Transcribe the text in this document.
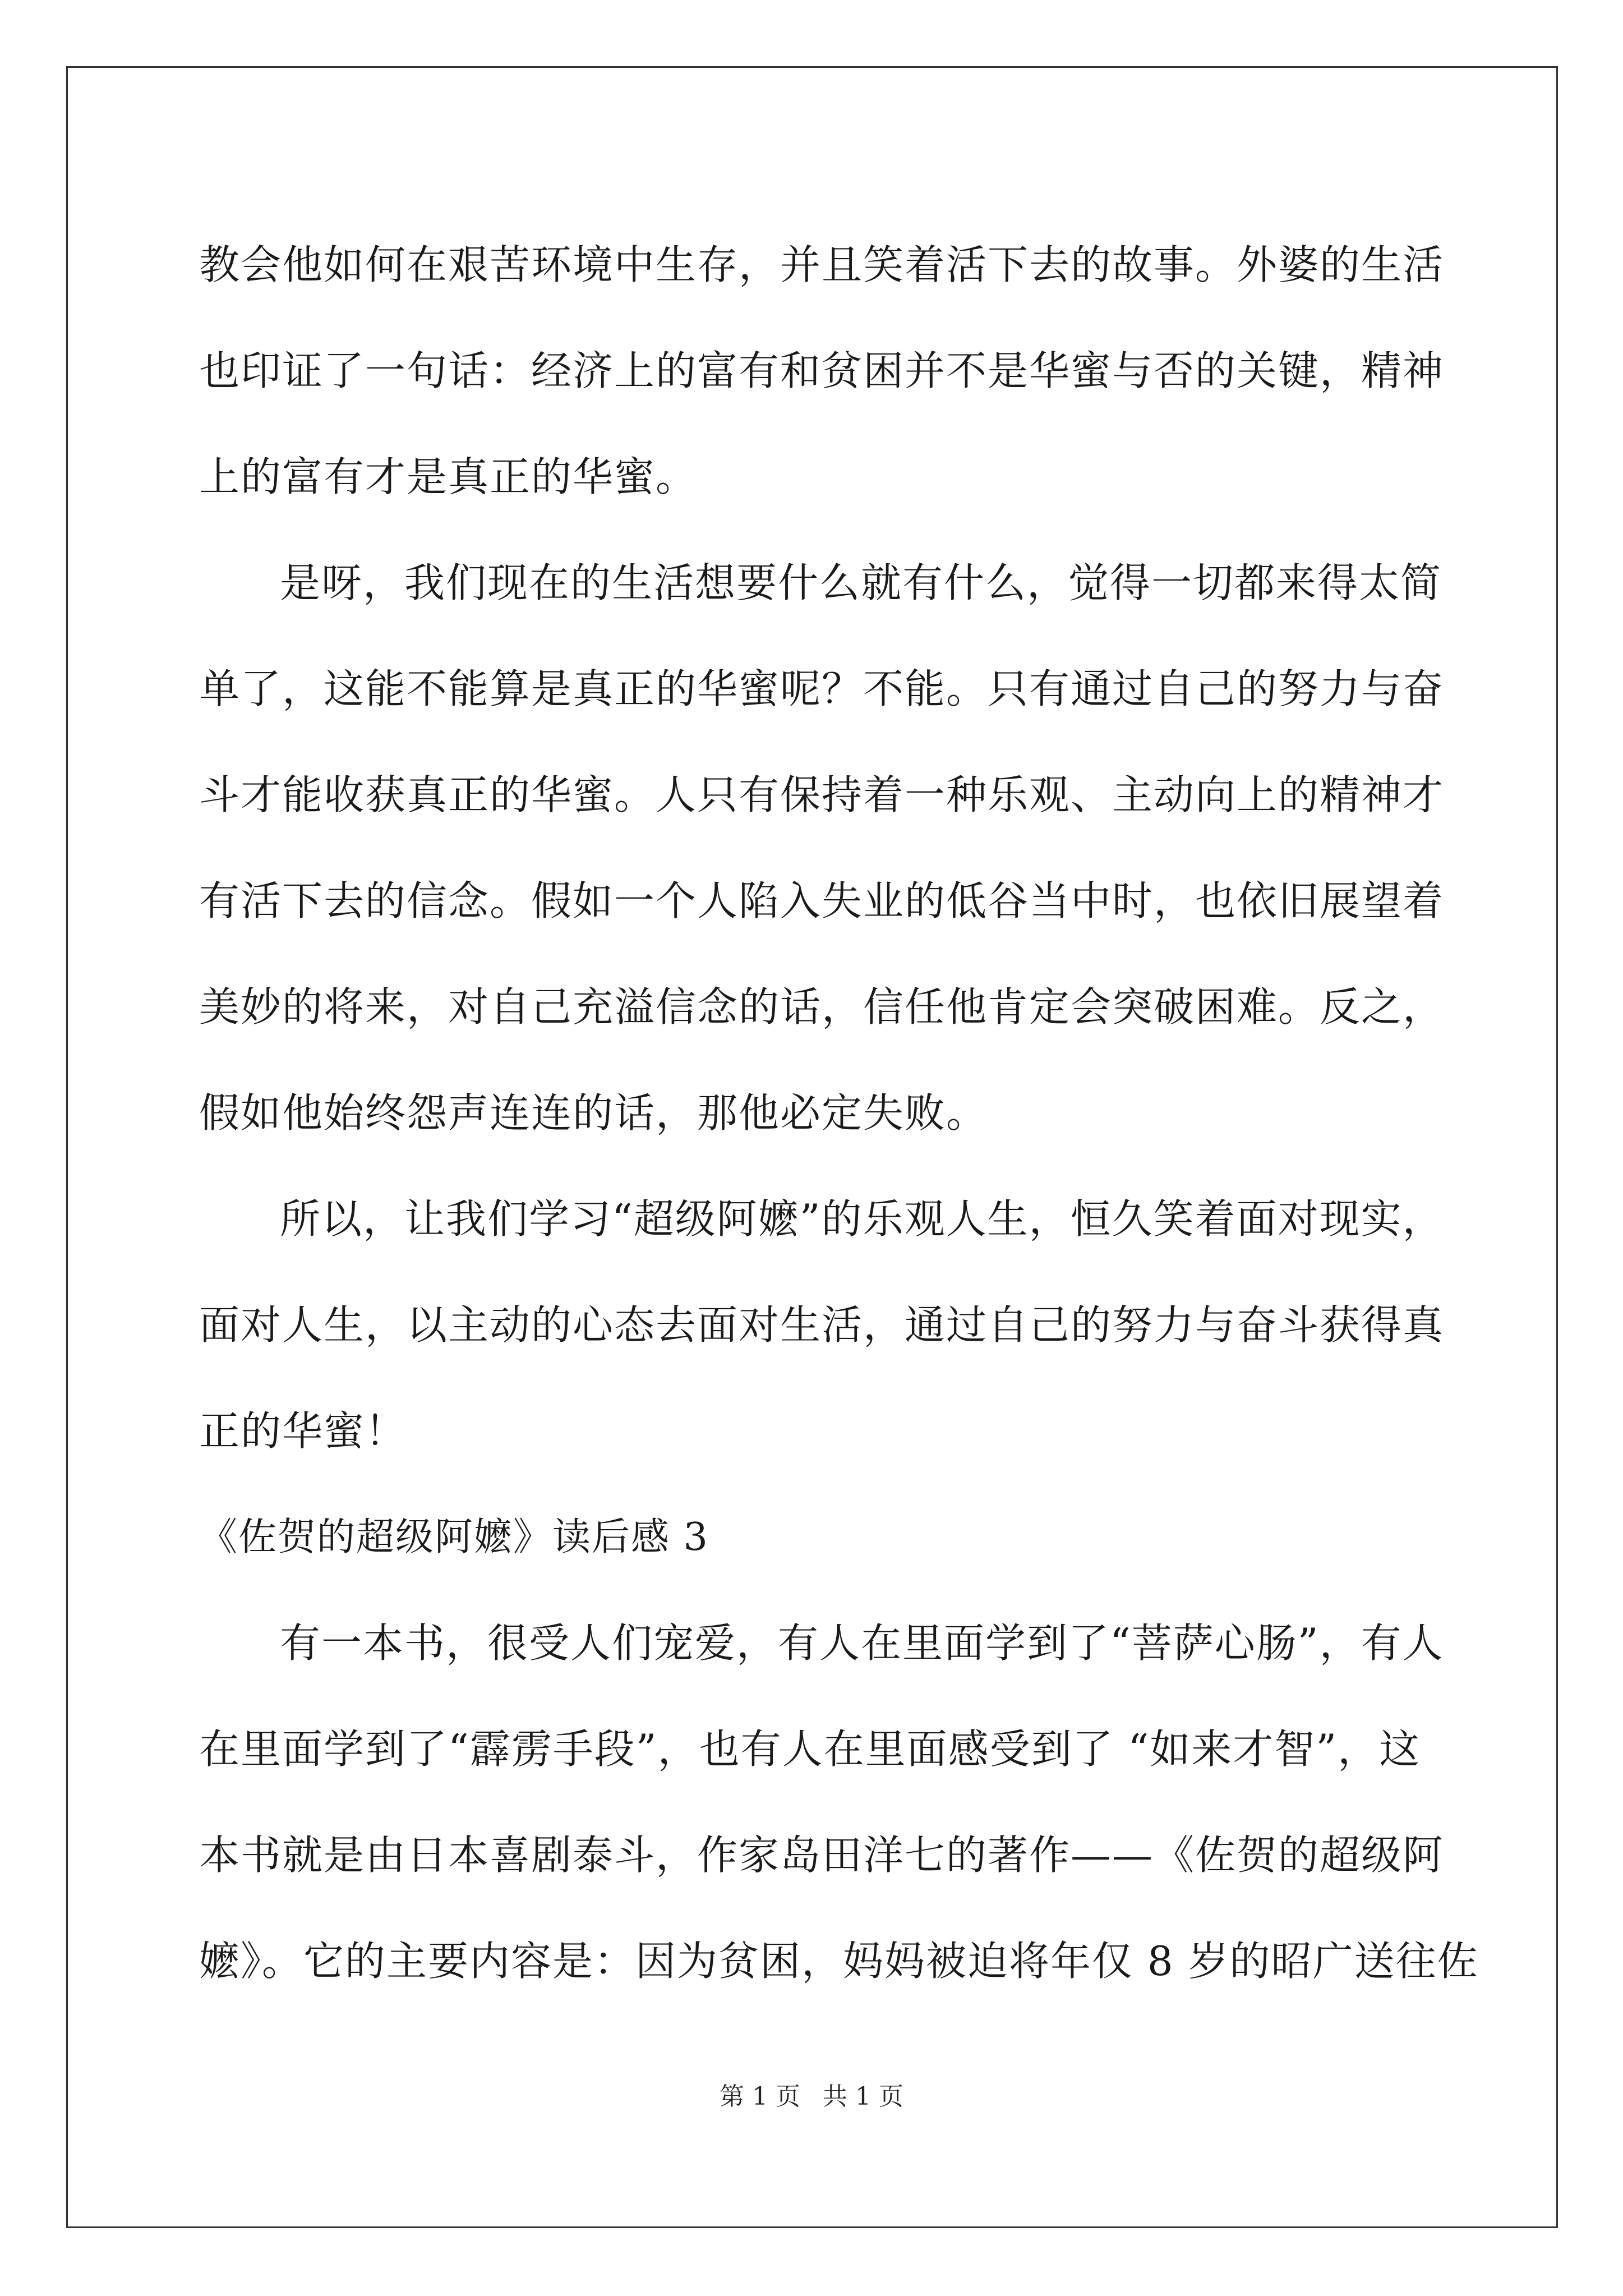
教会他如何在艰苦环境中生存，并且笑着活下去的故事。外婆的生活
也印证了一句话：经济上的富有和贫困并不是华蜜与否的关键，精神
上的富有才是真正的华蜜。
是呀，我们现在的生活想要什么就有什么，觉得一切都来得太简
单了，这能不能算是真正的华蜜呢？不能。只有通过自己的努力与奋
斗才能收获真正的华蜜。人只有保持着一种乐观、主动向上的精神才
有活下去的信念。假如一个人陷入失业的低谷当中时，也依旧展望着
美妙的将来，对自己充溢信念的话，信任他肯定会突破困难。反之，
假如他始终怨声连连的话，那他必定失败。
所以，让我们学习“超级阿嬷”的乐观人生，恒久笑着面对现实，
面对人生，以主动的心态去面对生活，通过自己的努力与奋斗获得真
正的华蜜！
《佐贺的超级阿嬷》读后感 3
有一本书，很受人们宠爱，有人在里面学到了“菩萨心肠”，有人
在里面学到了“霹雳手段”，也有人在里面感受到了 “如来才智”，这
本书就是由日本喜剧泰斗，作家岛田洋七的著作——《佐贺的超级阿
嬷》。它的主要内容是：因为贫困，妈妈被迫将年仅 8 岁的昭广送往佐
第 1 页 共 1 页
